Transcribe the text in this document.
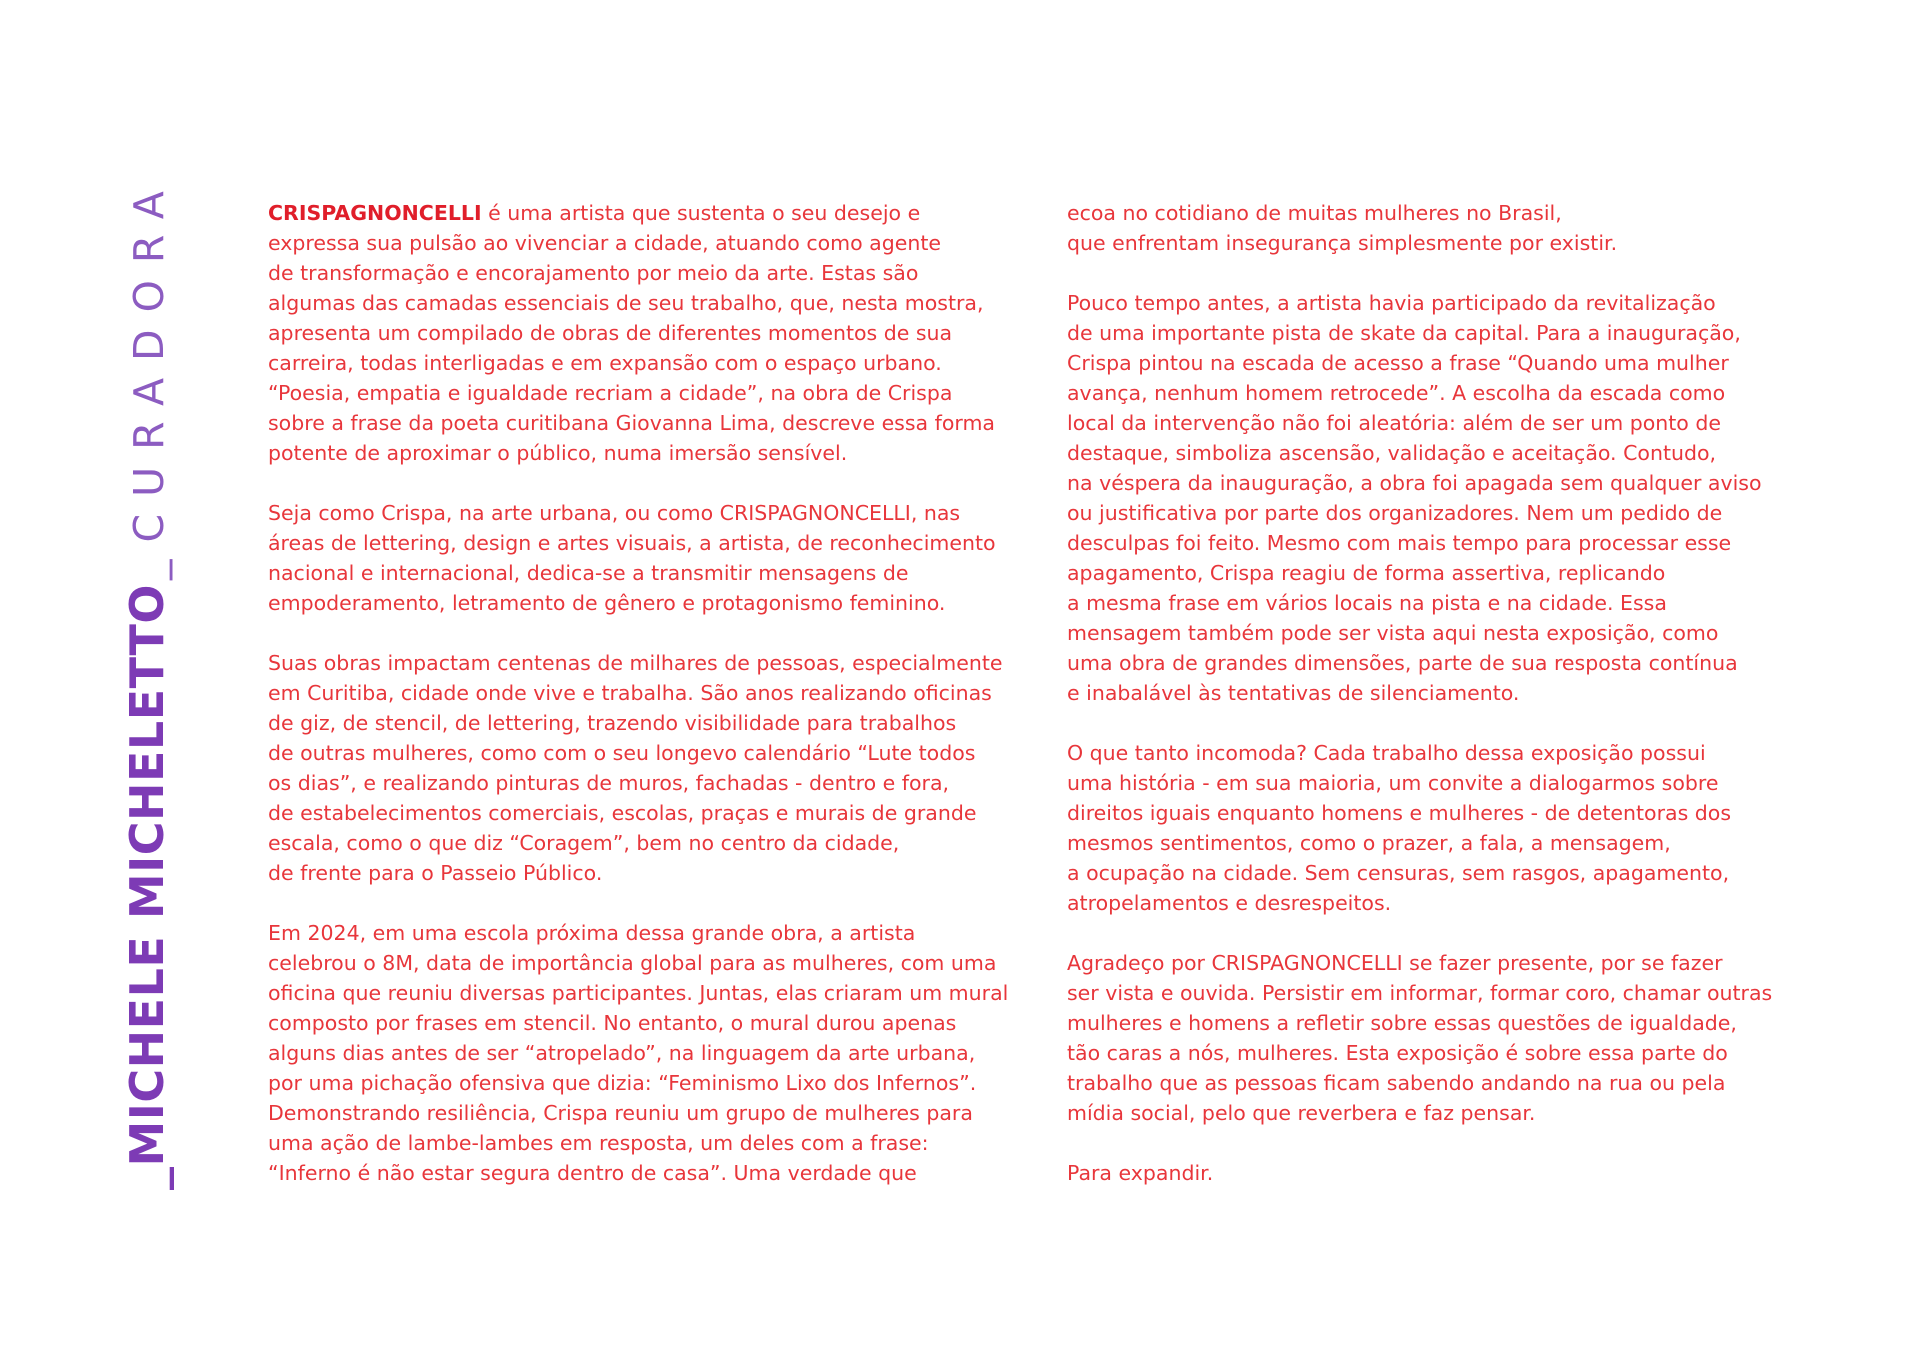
_MICHELE MICHELETTO
_CURADORA	CRISPAGNONCELLI é uma artista que sustenta o seu desejo e
expressa sua pulsão ao vivenciar a cidade, atuando como agente
de transformação e encorajamento por meio da arte. Estas são
algumas das camadas essenciais de seu trabalho, que, nesta mostra,
apresenta um compilado de obras de diferentes momentos de sua
carreira, todas interligadas e em expansão com o espaço urbano.
“Poesia, empatia e igualdade recriam a cidade”, na obra de Crispa
sobre a frase da poeta curitibana Giovanna Lima, descreve essa forma
potente de aproximar o público, numa imersão sensível.
Seja como Crispa, na arte urbana, ou como CRISPAGNONCELLI, nas
áreas de lettering, design e artes visuais, a artista, de reconhecimento
nacional e internacional, dedica-se a transmitir mensagens de
empoderamento, letramento de gênero e protagonismo feminino.
Suas obras impactam centenas de milhares de pessoas, especialmente
em Curitiba, cidade onde vive e trabalha. São anos realizando oficinas
de giz, de stencil, de lettering, trazendo visibilidade para trabalhos
de outras mulheres, como com o seu longevo calendário “Lute todos
os dias”, e realizando pinturas de muros, fachadas - dentro e fora,
de estabelecimentos comerciais, escolas, praças e murais de grande
escala, como o que diz “Coragem”, bem no centro da cidade,
de frente para o Passeio Público.
Em 2024, em uma escola próxima dessa grande obra, a artista
celebrou o 8M, data de importância global para as mulheres, com uma
oficina que reuniu diversas participantes. Juntas, elas criaram um mural
composto por frases em stencil. No entanto, o mural durou apenas
alguns dias antes de ser “atropelado”, na linguagem da arte urbana,
por uma pichação ofensiva que dizia: “Feminismo Lixo dos Infernos”.
Demonstrando resiliência, Crispa reuniu um grupo de mulheres para
uma ação de lambe-lambes em resposta, um deles com a frase:
“Inferno é não estar segura dentro de casa”. Uma verdade que
ecoa no cotidiano de muitas mulheres no Brasil,
que enfrentam insegurança simplesmente por existir.
Pouco tempo antes, a artista havia participado da revitalização
de uma importante pista de skate da capital. Para a inauguração,
Crispa pintou na escada de acesso a frase “Quando uma mulher
avança, nenhum homem retrocede”. A escolha da escada como
local da intervenção não foi aleatória: além de ser um ponto de
destaque, simboliza ascensão, validação e aceitação. Contudo,
na véspera da inauguração, a obra foi apagada sem qualquer aviso
ou justificativa por parte dos organizadores. Nem um pedido de
desculpas foi feito. Mesmo com mais tempo para processar esse
apagamento, Crispa reagiu de forma assertiva, replicando
a mesma frase em vários locais na pista e na cidade. Essa
mensagem também pode ser vista aqui nesta exposição, como
uma obra de grandes dimensões, parte de sua resposta contínua
e inabalável às tentativas de silenciamento.
O que tanto incomoda? Cada trabalho dessa exposição possui
uma história - em sua maioria, um convite a dialogarmos sobre
direitos iguais enquanto homens e mulheres - de detentoras dos
mesmos sentimentos, como o prazer, a fala, a mensagem,
a ocupação na cidade. Sem censuras, sem rasgos, apagamento,
atropelamentos e desrespeitos.
Agradeço por CRISPAGNONCELLI se fazer presente, por se fazer
ser vista e ouvida. Persistir em informar, formar coro, chamar outras
mulheres e homens a refletir sobre essas questões de igualdade,
tão caras a nós, mulheres. Esta exposição é sobre essa parte do
trabalho que as pessoas ficam sabendo andando na rua ou pela
mídia social, pelo que reverbera e faz pensar.
Para expandir.
